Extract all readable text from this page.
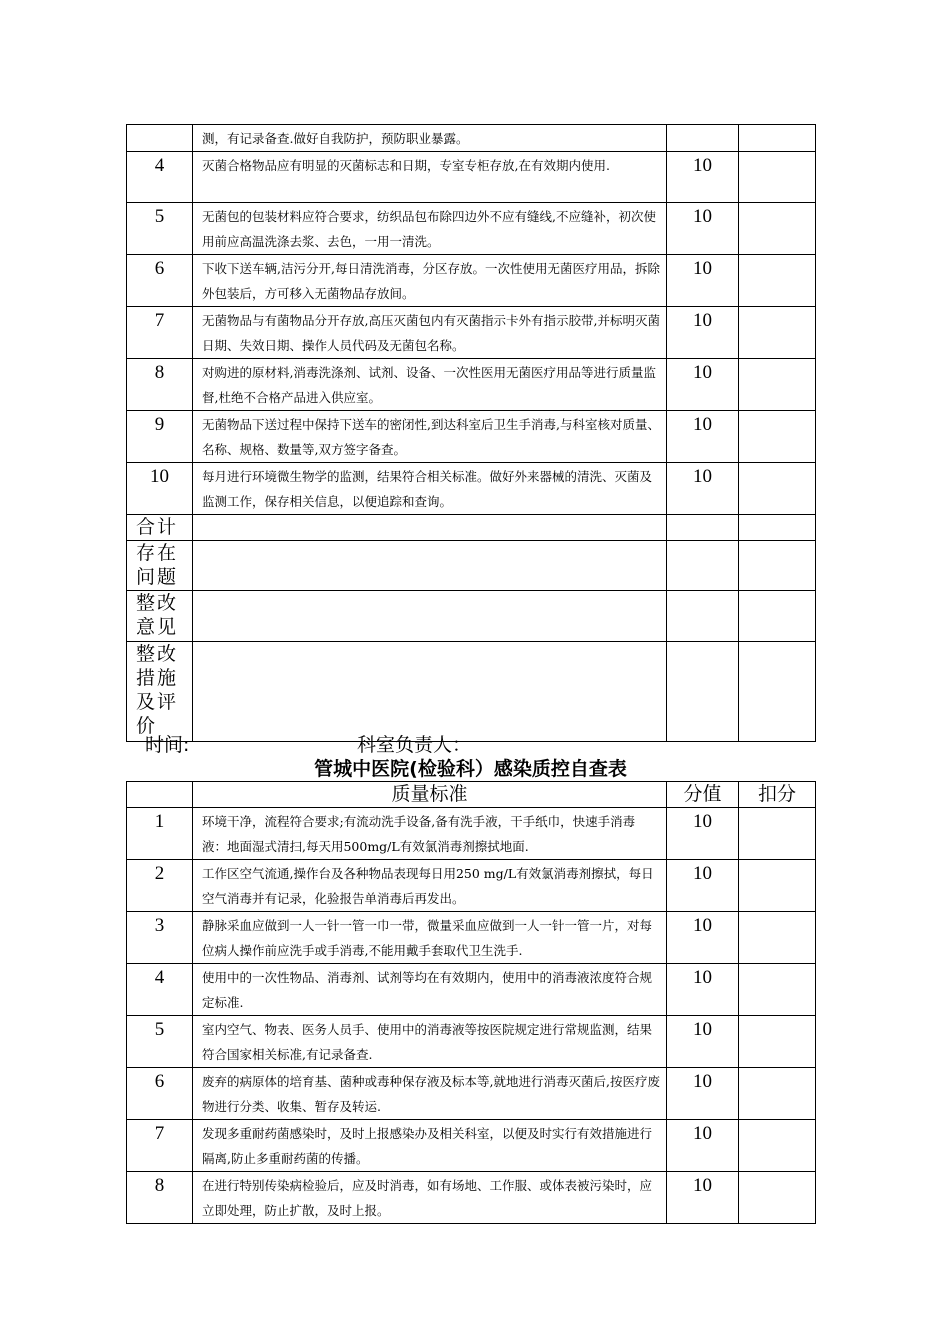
	测，有记录备查.做好自我防护，预防职业暴露。		
4	灭菌合格物品应有明显的灭菌标志和日期，专室专柜存放,在有效期内使用.	10	
5	无菌包的包装材料应符合要求，纺织品包布除四边外不应有缝线,不应缝补，初次使用前应高温洗涤去浆、去色，一用一清洗。	10	
6	下收下送车辆,洁污分开,每日清洗消毒，分区存放。一次性使用无菌医疗用品，拆除外包装后，方可移入无菌物品存放间。	10	
7	无菌物品与有菌物品分开存放,高压灭菌包内有灭菌指示卡外有指示胶带,并标明灭菌日期、失效日期、操作人员代码及无菌包名称。	10	
8	对购进的原材料,消毒洗涤剂、试剂、设备、一次性医用无菌医疗用品等进行质量监督,杜绝不合格产品进入供应室。	10	
9	无菌物品下送过程中保持下送车的密闭性,到达科室后卫生手消毒,与科室核对质量、名称、规格、数量等,双方签字备查。	10	
10	每月进行环境微生物学的监测，结果符合相关标准。做好外来器械的清洗、灭菌及监测工作，保存相关信息，以便追踪和查询。	10	
合计			
存在问题			
整改意见			
整改措施及评价			
时间:	科室负责人：
管城中医院(检验科）感染质控自查表
	质量标准	分值	扣分
1	环境干净，流程符合要求;有流动洗手设备,备有洗手液，干手纸巾，快速手消毒液：地面湿式清扫,每天用500mg/L有效氯消毒剂擦拭地面.	10	
2	工作区空气流通,操作台及各种物品表现每日用250 mg/L有效氯消毒剂擦拭，每日空气消毒并有记录，化验报告单消毒后再发出。	10	
3	静脉采血应做到一人一针一管一巾一带，微量采血应做到一人一针一管一片，对每位病人操作前应洗手或手消毒,不能用戴手套取代卫生洗手.	10	
4	使用中的一次性物品、消毒剂、试剂等均在有效期内，使用中的消毒液浓度符合规定标准.	10	
5	室内空气、物表、医务人员手、使用中的消毒液等按医院规定进行常规监测，结果符合国家相关标准,有记录备查.	10	
6	废弃的病原体的培育基、菌种或毒种保存液及标本等,就地进行消毒灭菌后,按医疗废物进行分类、收集、暂存及转运.	10	
7	发现多重耐药菌感染时，及时上报感染办及相关科室，以便及时实行有效措施进行隔离,防止多重耐药菌的传播。	10	
8	在进行特别传染病检验后，应及时消毒，如有场地、工作服、或体表被污染时，应立即处理，防止扩散，及时上报。	10	
